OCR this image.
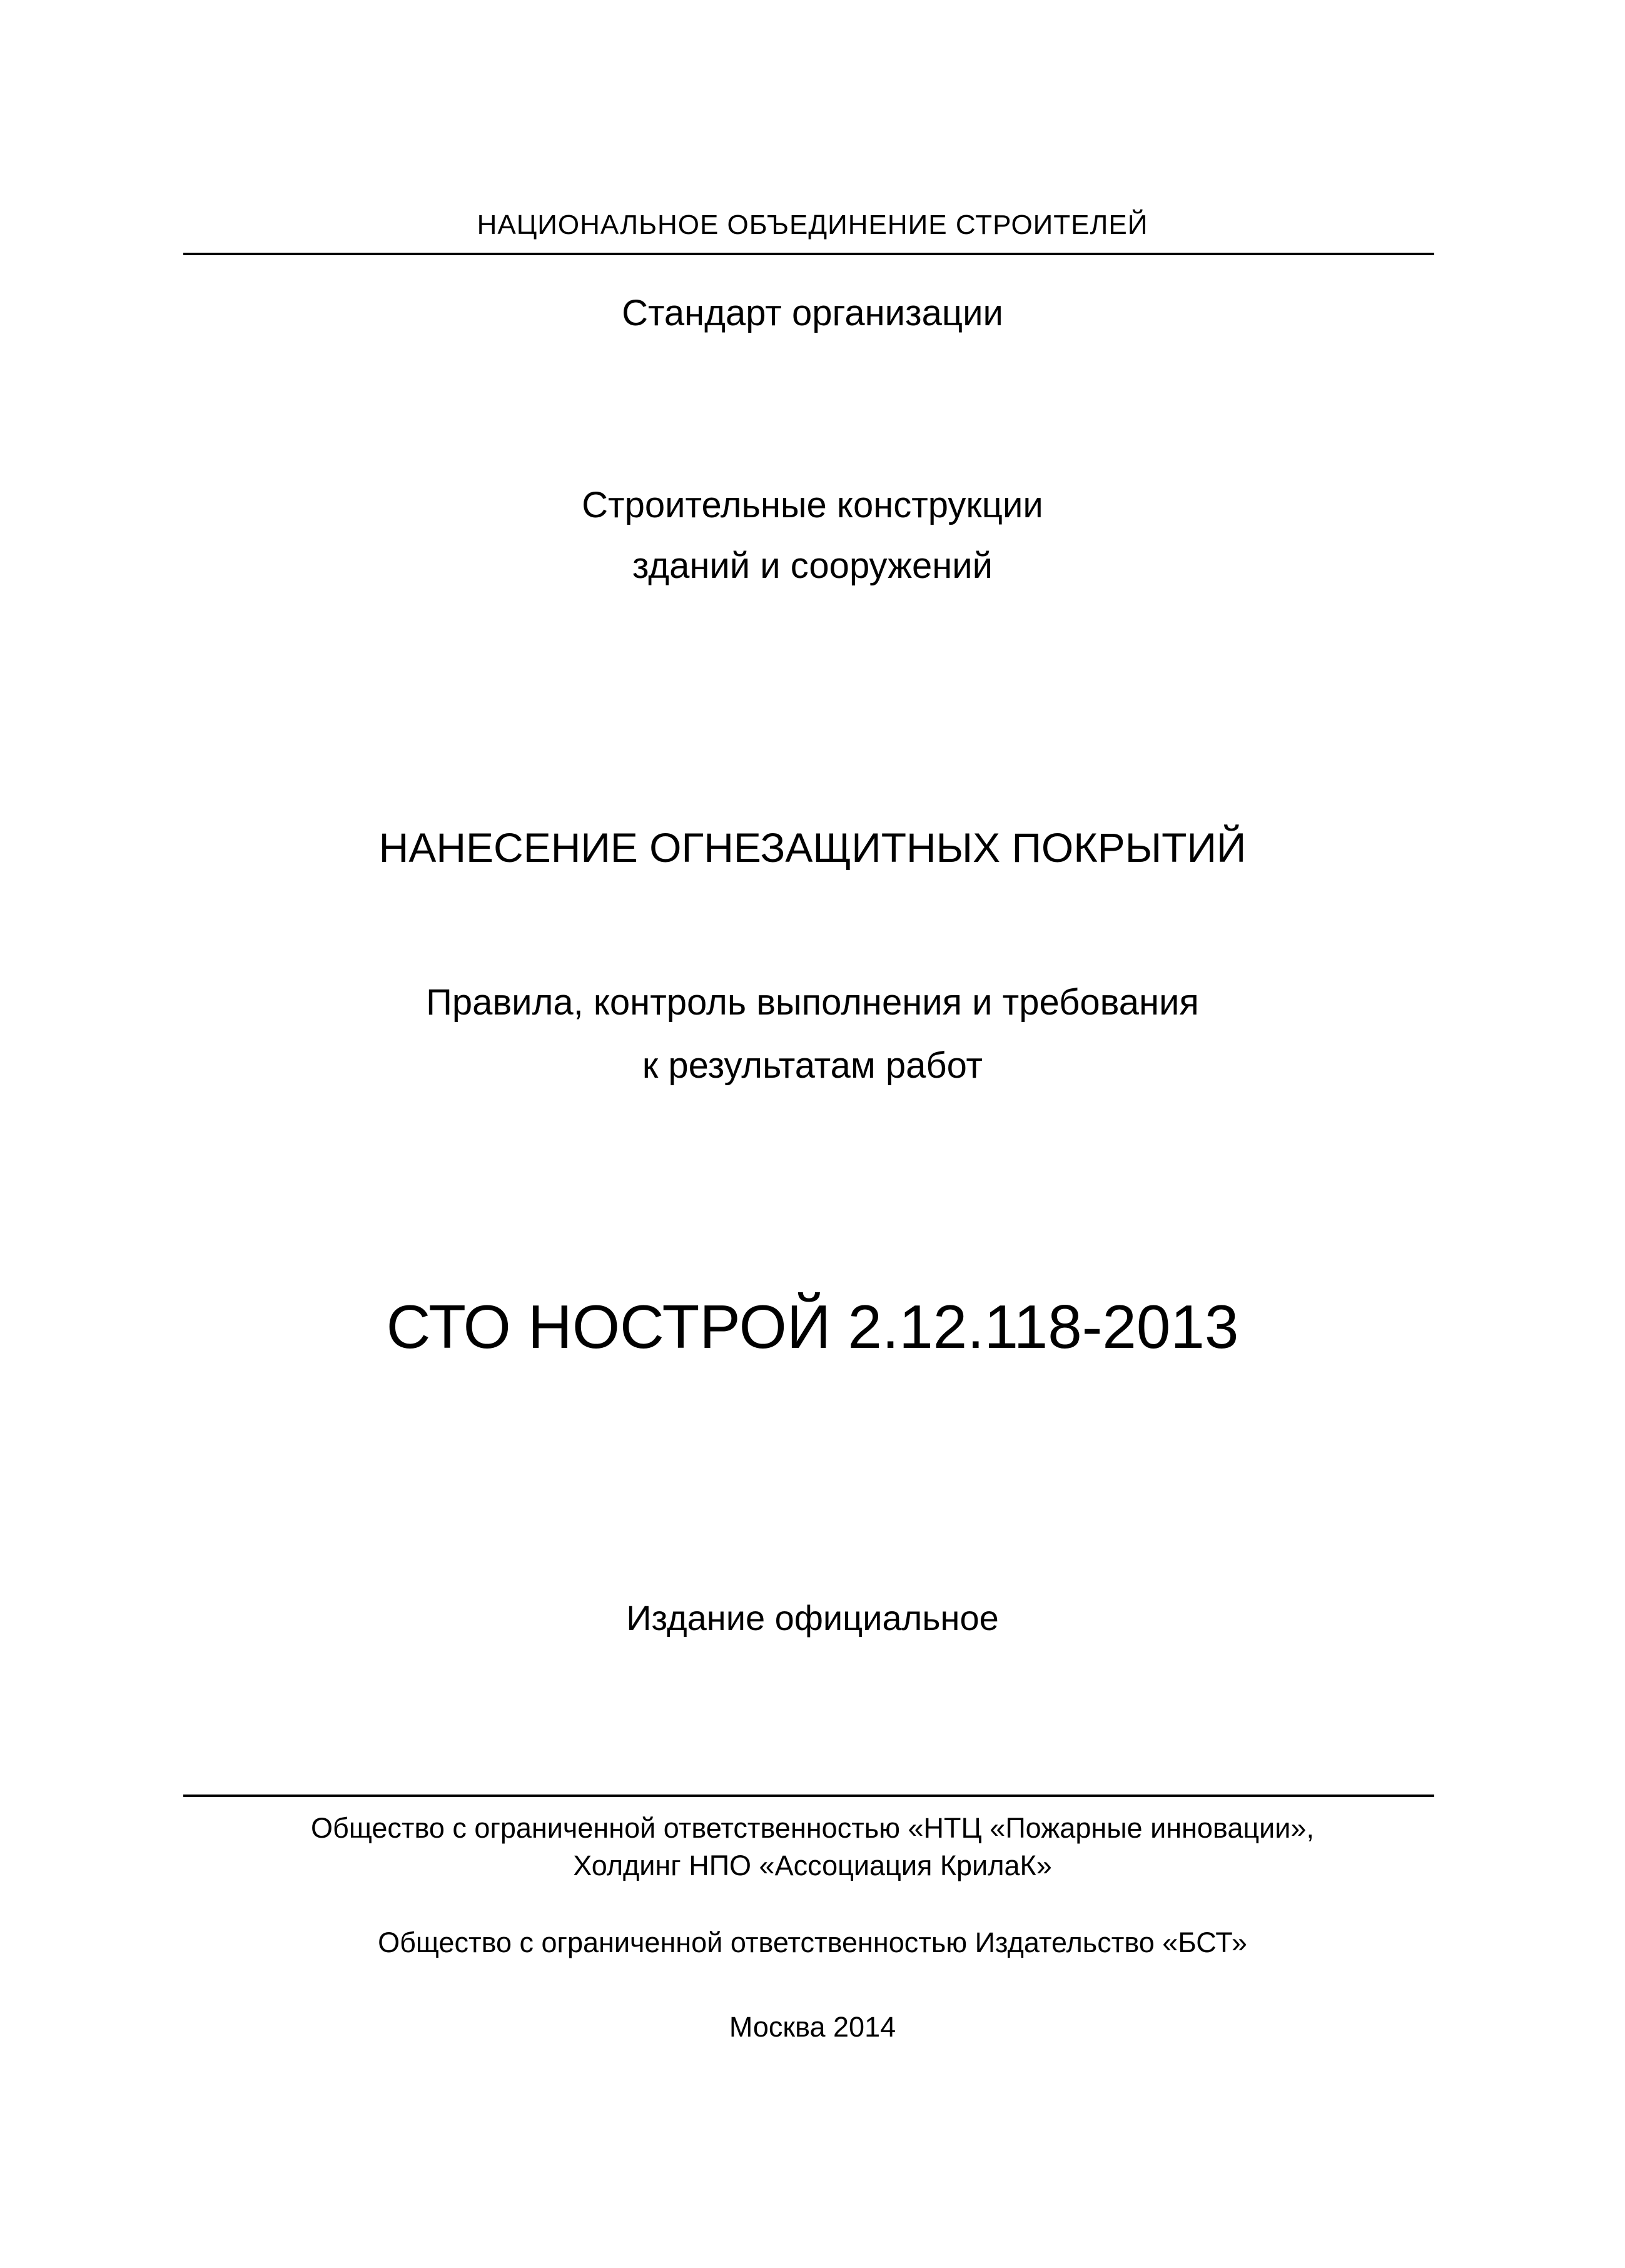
НАЦИОНАЛЬНОЕ ОБЪЕДИНЕНИЕ СТРОИТЕЛЕЙ
Стандарт организации
Строительные конструкции
зданий и сооружений
НАНЕСЕНИЕ ОГНЕЗАЩИТНЫХ ПОКРЫТИЙ
Правила, контроль выполнения и требования
к результатам работ
СТО НОСТРОЙ 2.12.118-2013
Издание официальное
Общество с ограниченной ответственностью «НТЦ «Пожарные инновации»,
Холдинг НПО «Ассоциация КрилаК»
Общество с ограниченной ответственностью Издательство «БСТ»
Москва 2014
